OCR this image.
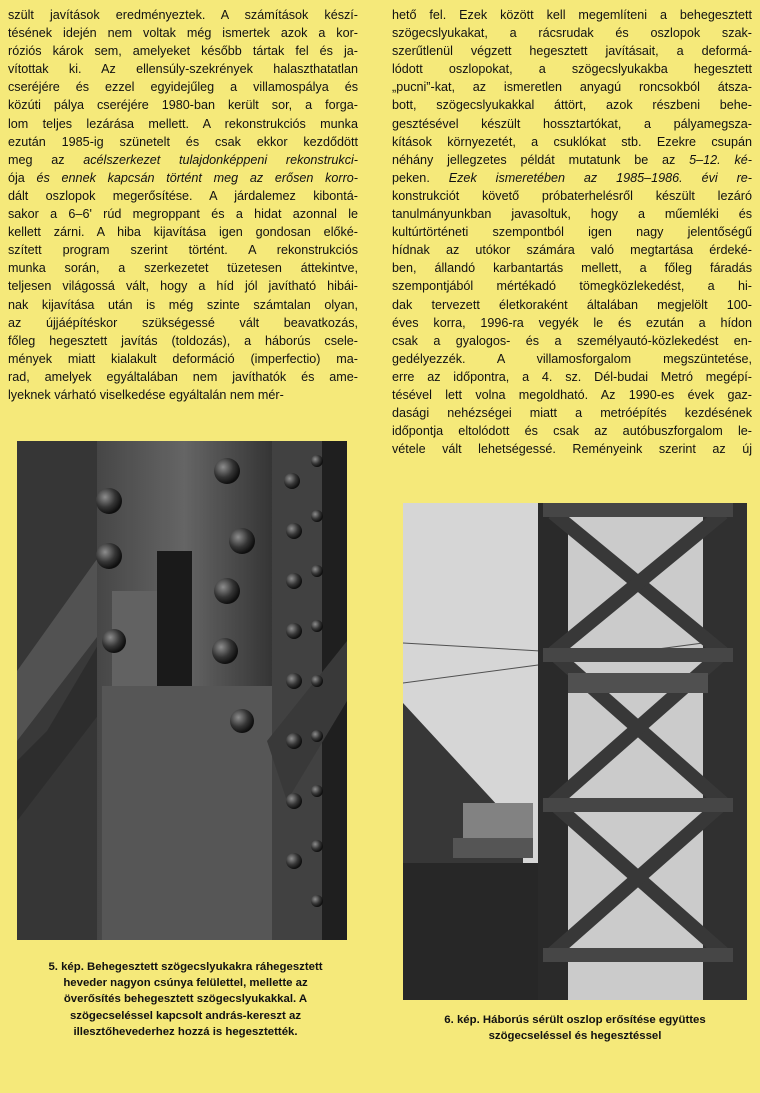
szült javítások eredményeztek. A számítások készí-
tésének idején nem voltak még ismertek azok a kor-
róziós károk sem, amelyeket később tártak fel és ja-
vítottak ki. Az ellensúly-szekrények halaszthatatlan
cseréjére és ezzel egyidejűleg a villamospálya és
közúti pálya cseréjére 1980-ban került sor, a forga-
lom teljes lezárása mellett. A rekonstrukciós munka
ezután 1985-ig szünetelt és csak ekkor kezdődött
meg az acélszerkezet tulajdonképpeni rekonstrukci-
ója és ennek kapcsán történt meg az erősen korro-
dált oszlopok megerősítése. A járdalemez kibontá-
sakor a 6–6' rúd megroppant és a hidat azonnal le
kellett zárni. A hiba kijavítása igen gondosan előké-
szített program szerint történt. A rekonstrukciós
munka során, a szerkezetet tüzetesen áttekintve,
teljesen világossá vált, hogy a híd jól javítható hibái-
nak kijavítása után is még szinte számtalan olyan,
az újjáépítéskor szükségessé vált beavatkozás,
főleg hegesztett javítás (toldozás), a háborús csele-
mények miatt kialakult deformáció (imperfectio) ma-
rad, amelyek egyáltalában nem javíthatók és ame-
lyeknek várható viselkedése egyáltalán nem mér-
hető fel. Ezek között kell megemlíteni a behegesztett
szögecslyukakat, a rácsrudak és oszlopok szak-
szerűtlenül végzett hegesztett javításait, a deformá-
lódott oszlopokat, a szögecslyukakba hegesztett
„pucni”-kat, az ismeretlen anyagú roncsokból átsza-
bott, szögecslyukakkal áttört, azok részbeni behe-
gesztésével készült hossztartókat, a pályamegsza-
kítások környezetét, a csuklókat stb. Ezekre csupán
néhány jellegzetes példát mutatunk be az 5–12. ké-
peken. Ezek ismeretében az 1985–1986. évi re-
konstrukciót követő próbaterhelésről készült lezáró
tanulmányunkban javasoltuk, hogy a műemléki és
kultúrtörténeti szempontból igen nagy jelentőségű
hídnak az utókor számára való megtartása érdeké-
ben, állandó karbantartás mellett, a főleg fáradás
szempontjából mértékadó tömegközlekedést, a hi-
dak tervezett életkoraként általában megjelölt 100-
éves korra, 1996-ra vegyék le és ezután a hídon
csak a gyalogos- és a személyautó-közlekedést en-
gedélyezzék. A villamosforgalom megszüntetése,
erre az időpontra, a 4. sz. Dél-budai Metró megépí-
tésével lett volna megoldható. Az 1990-es évek gaz-
dasági nehézségei miatt a metróépítés kezdésének
időpontja eltolódott és csak az autóbuszforgalom le-
vétele vált lehetségessé. Reményeink szerint az új
5. kép. Behegesztett szögecslyukakra ráhegesztett
heveder nagyon csúnya felülettel, mellette az
överősítés behegesztett szögecslyukakkal. A
szögecseléssel kapcsolt andrás-kereszt az
illesztőhevederhez hozzá is hegesztették.
6. kép. Háborús sérült oszlop erősítése együttes
szögecseléssel és hegesztéssel
